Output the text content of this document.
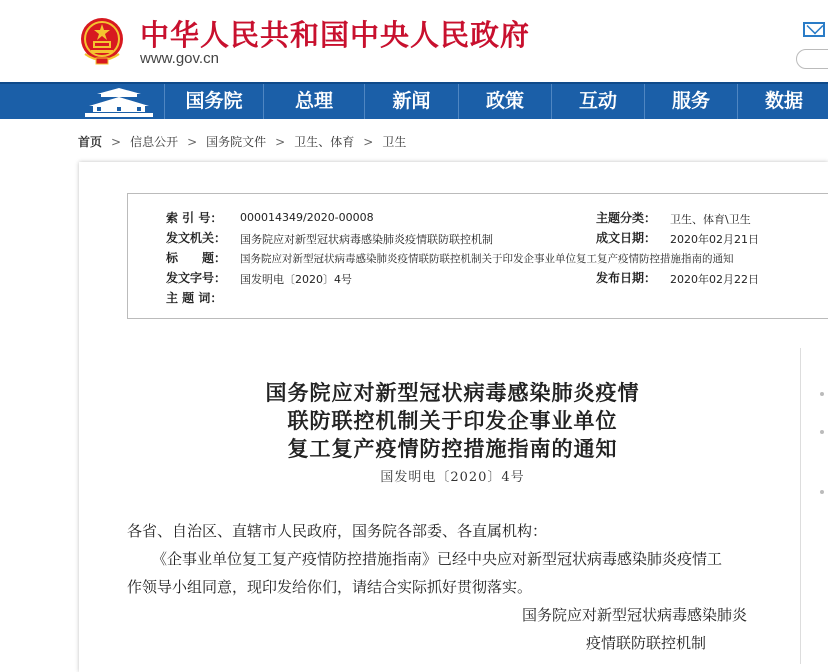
中华人民共和国中央人民政府
www.gov.cn
国务院	总理	新闻	政策	互动	服务	数据
首页 > 信息公开 > 国务院文件 > 卫生、体育 > 卫生
索 引 号： 000014349/2020-00008	主题分类： 卫生、体育\卫生
发文机关： 国务院应对新型冠状病毒感染肺炎疫情联防联控机制	成文日期： 2020年02月21日
标　　题： 国务院应对新型冠状病毒感染肺炎疫情联防联控机制关于印发企事业单位复工复产疫情防控措施指南的通知
发文字号： 国发明电〔2020〕4号	发布日期： 2020年02月22日
主 题 词：
国务院应对新型冠状病毒感染肺炎疫情
联防联控机制关于印发企事业单位
复工复产疫情防控措施指南的通知
国发明电〔2020〕4号
各省、自治区、直辖市人民政府，国务院各部委、各直属机构：
《企事业单位复工复产疫情防控措施指南》已经中央应对新型冠状病毒感染肺炎疫情工
作领导小组同意，现印发给你们，请结合实际抓好贯彻落实。
国务院应对新型冠状病毒感染肺炎
疫情联防联控机制
